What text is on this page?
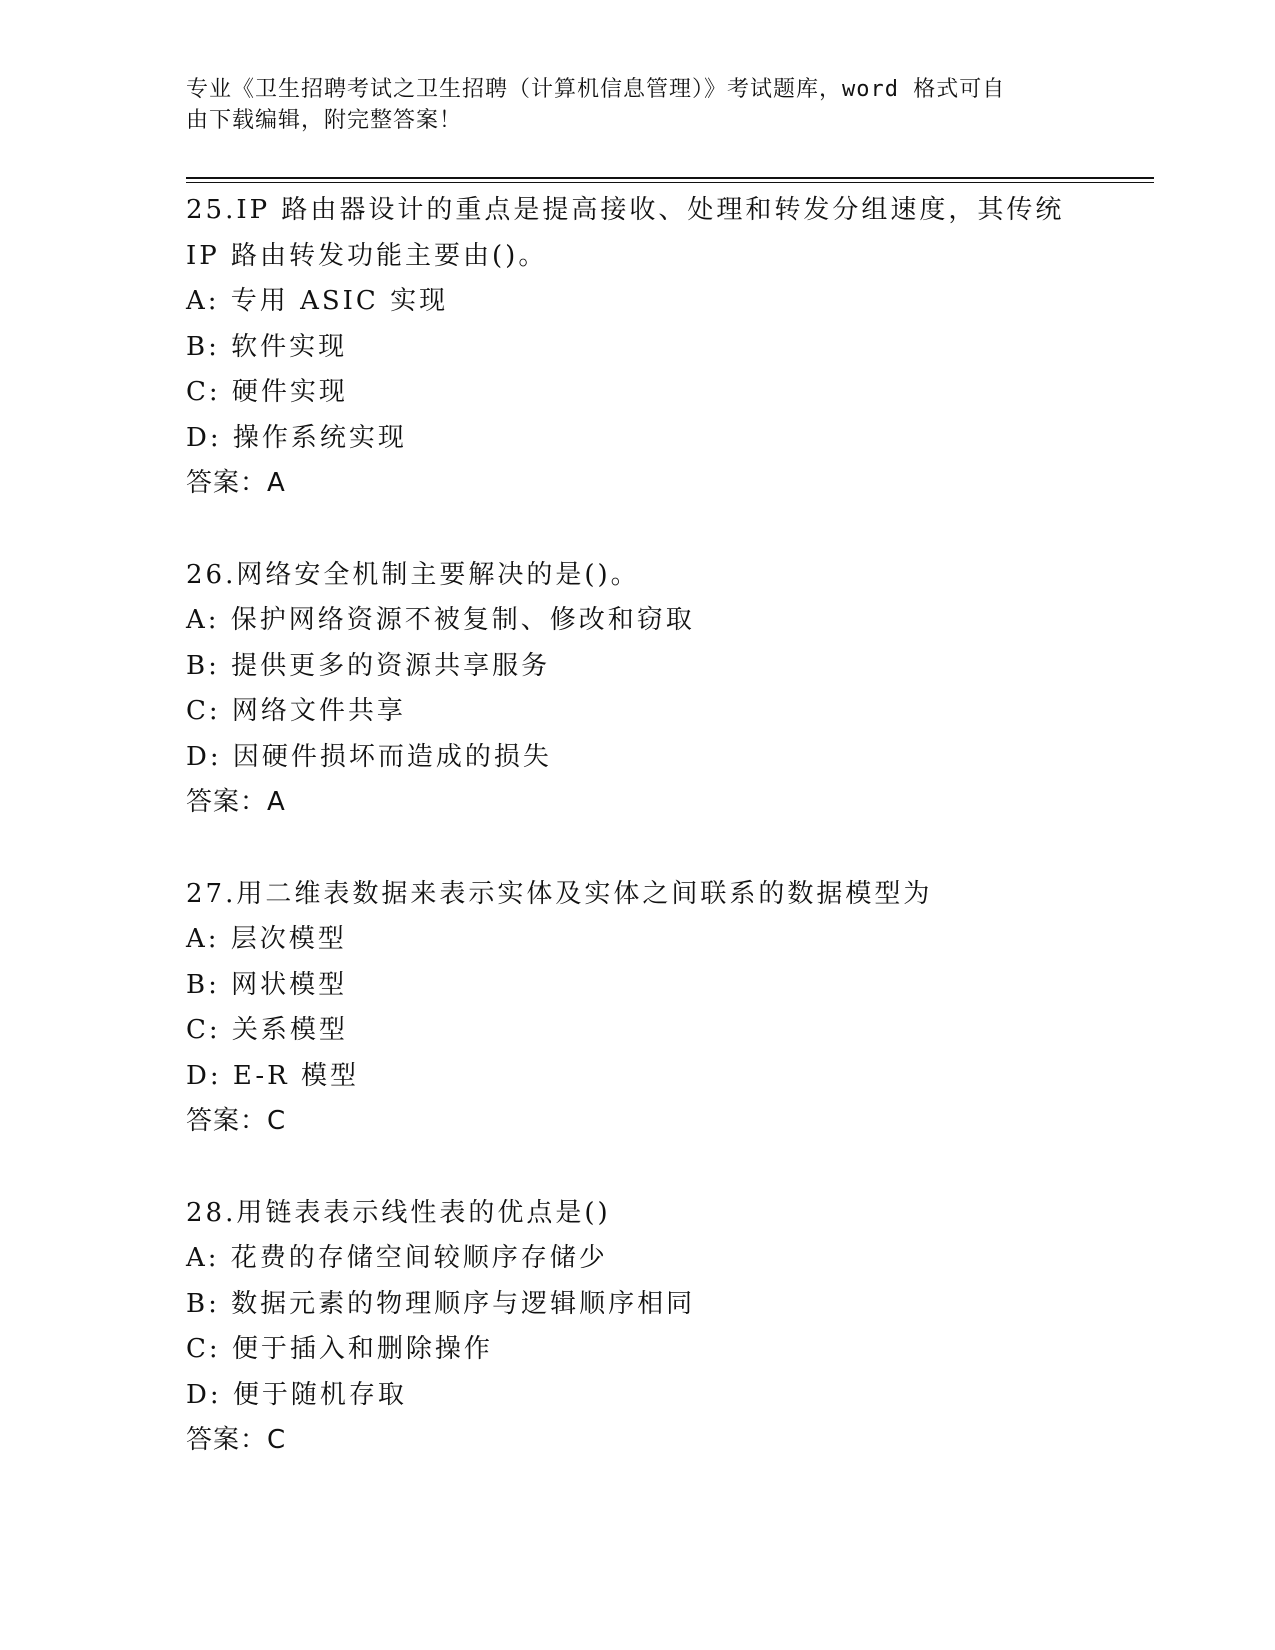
专业《卫生招聘考试之卫生招聘（计算机信息管理）》考试题库，word 格式可自
由下载编辑，附完整答案！
25.IP 路由器设计的重点是提高接收、处理和转发分组速度，其传统
IP 路由转发功能主要由()。
A: 专用 ASIC 实现
B: 软件实现
C: 硬件实现
D: 操作系统实现
答案：A
26.网络安全机制主要解决的是()。
A: 保护网络资源不被复制、修改和窃取
B: 提供更多的资源共享服务
C: 网络文件共享
D: 因硬件损坏而造成的损失
答案：A
27.用二维表数据来表示实体及实体之间联系的数据模型为
A: 层次模型
B: 网状模型
C: 关系模型
D: E-R 模型
答案：C
28.用链表表示线性表的优点是()
A: 花费的存储空间较顺序存储少
B: 数据元素的物理顺序与逻辑顺序相同
C: 便于插入和删除操作
D: 便于随机存取
答案：C
